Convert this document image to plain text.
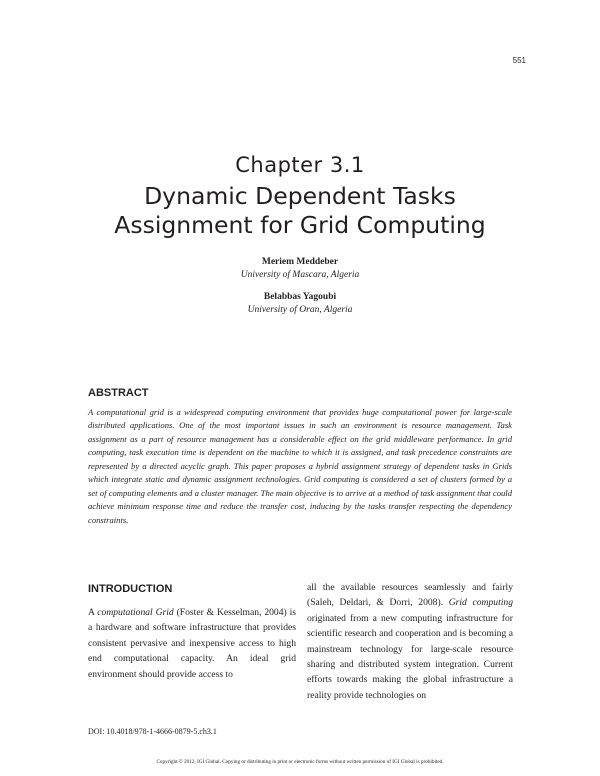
551
Chapter 3.1
Dynamic Dependent Tasks
Assignment for Grid Computing
Meriem Meddeber
University of Mascara, Algeria
Belabbas Yagoubi
University of Oran, Algeria
ABSTRACT

A computational grid is a widespread computing environment that provides huge computational power for large-scale distributed applications. One of the most important issues in such an environment is resource management. Task assignment as a part of resource management has a considerable effect on the grid middleware performance. In grid computing, task execution time is dependent on the machine to which it is assigned, and task precedence constraints are represented by a directed acyclic graph. This paper proposes a hybrid assignment strategy of dependent tasks in Grids which integrate static and dynamic assignment technologies. Grid computing is considered a set of clusters formed by a set of computing elements and a cluster manager. The main objective is to arrive at a method of task assignment that could achieve minimum response time and reduce the transfer cost, inducing by the tasks transfer respecting the dependency constraints.

INTRODUCTION

A computational Grid (Foster & Kesselman, 2004) is a hardware and software infrastructure that provides consistent pervasive and inexpensive access to high end computational capacity. An ideal grid environment should provide access to

all the available resources seamlessly and fairly (Saleh, Deldari, & Dorri, 2008). Grid computing originated from a new computing infrastructure for scientific research and cooperation and is becoming a mainstream technology for large-scale resource sharing and distributed system integration. Current efforts towards making the global infrastructure a reality provide technologies on

DOI: 10.4018/978-1-4666-0879-5.ch3.1
Copyright © 2012, IGI Global. Copying or distributing in print or electronic forms without written permission of IGI Global is prohibited.
